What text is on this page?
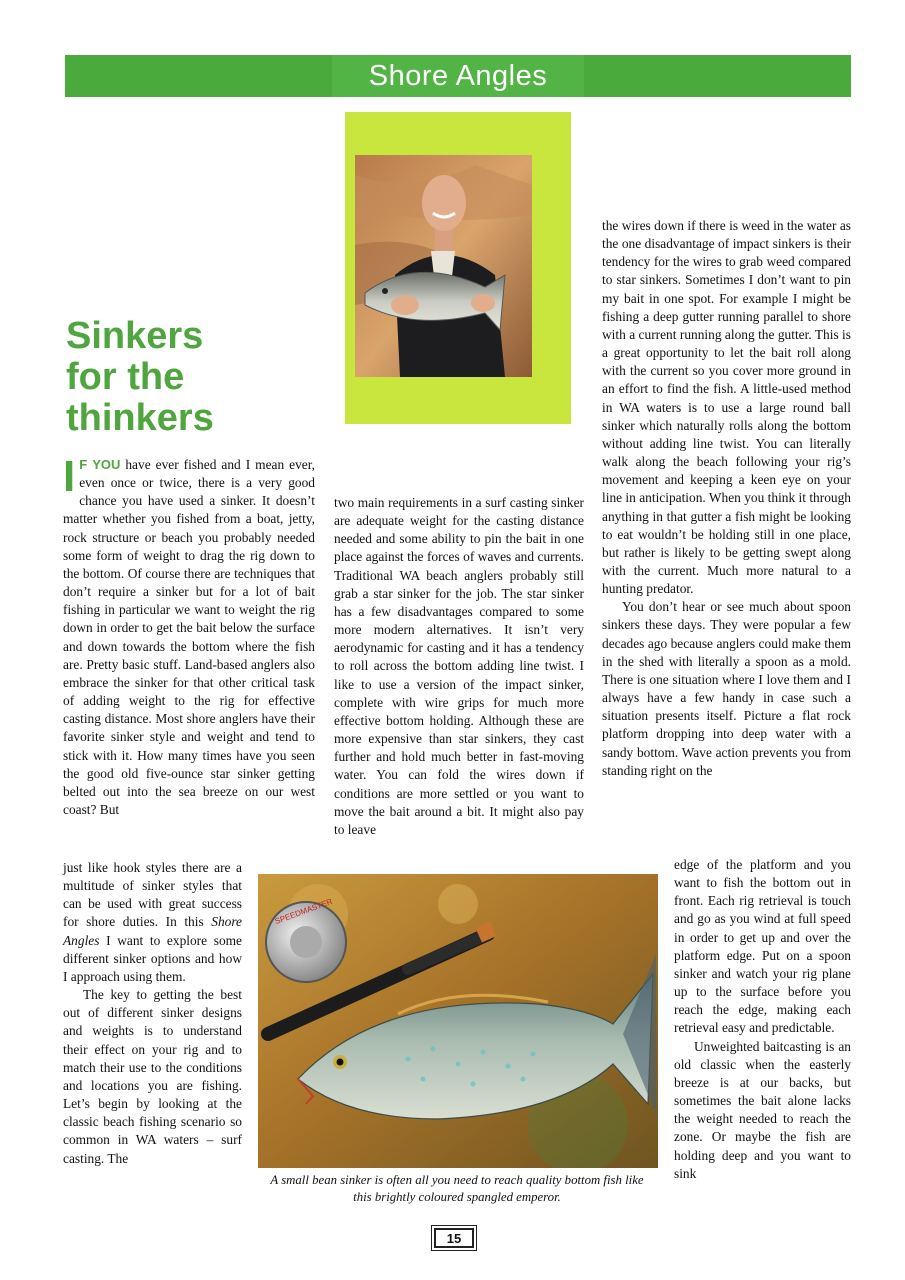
Shore Angles
Sinkers
for the
thinkers

I F YOU have ever fished and I mean ever, even once or twice, there is a very good chance you have used a sinker. It doesn’t matter whether you fished from a boat, jetty, rock structure or beach you probably needed some form of weight to drag the rig down to the bottom. Of course there are techniques that don’t require a sinker but for a lot of bait fishing in particular we want to weight the rig down in order to get the bait below the surface and down towards the bottom where the fish are. Pretty basic stuff. Land-based anglers also embrace the sinker for that other critical task of adding weight to the rig for effective casting distance. Most shore anglers have their favorite sinker style and weight and tend to stick with it. How many times have you seen the good old five-ounce star sinker getting belted out into the sea breeze on our west coast? But

just like hook styles there are a multitude of sinker styles that can be used with great success for shore duties. In this Shore Angles I want to explore some different sinker options and how I approach using them.

The key to getting the best out of different sinker designs and weights is to understand their effect on your rig and to match their use to the conditions and locations you are fishing. Let’s begin by looking at the classic beach fishing scenario so common in WA waters – surf casting. The

two main requirements in a surf casting sinker are adequate weight for the casting distance needed and some ability to pin the bait in one place against the forces of waves and currents. Traditional WA beach anglers probably still grab a star sinker for the job. The star sinker has a few disadvantages compared to some more modern alternatives. It isn’t very aerodynamic for casting and it has a tendency to roll across the bottom adding line twist. I like to use a version of the impact sinker, complete with wire grips for much more effective bottom holding. Although these are more expensive than star sinkers, they cast further and hold much better in fast-moving water. You can fold the wires down if conditions are more settled or you want to move the bait around a bit. It might also pay to leave

the wires down if there is weed in the water as the one disadvantage of impact sinkers is their tendency for the wires to grab weed compared to star sinkers. Sometimes I don’t want to pin my bait in one spot. For example I might be fishing a deep gutter running parallel to shore with a current running along the gutter. This is a great opportunity to let the bait roll along with the current so you cover more ground in an effort to find the fish. A little-used method in WA waters is to use a large round ball sinker which naturally rolls along the bottom without adding line twist. You can literally walk along the beach following your rig’s movement and keeping a keen eye on your line in anticipation. When you think it through anything in that gutter a fish might be looking to eat wouldn’t be holding still in one place, but rather is likely to be getting swept along with the current. Much more natural to a hunting predator.

You don’t hear or see much about spoon sinkers these days. They were popular a few decades ago because anglers could make them in the shed with literally a spoon as a mold. There is one situation where I love them and I always have a few handy in case such a situation presents itself. Picture a flat rock platform dropping into deep water with a sandy bottom. Wave action prevents you from standing right on the

edge of the platform and you want to fish the bottom out in front. Each rig retrieval is touch and go as you wind at full speed in order to get up and over the platform edge. Put on a spoon sinker and watch your rig plane up to the surface before you reach the edge, making each retrieval easy and predictable.

Unweighted baitcasting is an old classic when the easterly breeze is at our backs, but sometimes the bait alone lacks the weight needed to reach the zone. Or maybe the fish are holding deep and you want to sink

SPEEDMASTER
A small bean sinker is often all you need to reach quality bottom fish like this brightly coloured spangled emperor.
15
